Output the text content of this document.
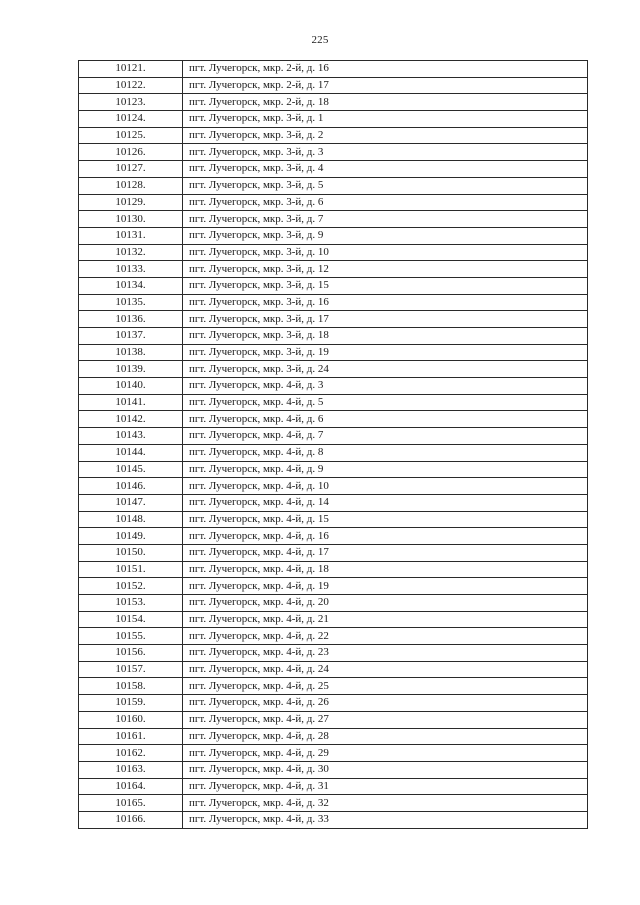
225
10121.	пгт. Лучегорск, мкр. 2-й, д. 16
10122.	пгт. Лучегорск, мкр. 2-й, д. 17
10123.	пгт. Лучегорск, мкр. 2-й, д. 18
10124.	пгт. Лучегорск, мкр. 3-й, д. 1
10125.	пгт. Лучегорск, мкр. 3-й, д. 2
10126.	пгт. Лучегорск, мкр. 3-й, д. 3
10127.	пгт. Лучегорск, мкр. 3-й, д. 4
10128.	пгт. Лучегорск, мкр. 3-й, д. 5
10129.	пгт. Лучегорск, мкр. 3-й, д. 6
10130.	пгт. Лучегорск, мкр. 3-й, д. 7
10131.	пгт. Лучегорск, мкр. 3-й, д. 9
10132.	пгт. Лучегорск, мкр. 3-й, д. 10
10133.	пгт. Лучегорск, мкр. 3-й, д. 12
10134.	пгт. Лучегорск, мкр. 3-й, д. 15
10135.	пгт. Лучегорск, мкр. 3-й, д. 16
10136.	пгт. Лучегорск, мкр. 3-й, д. 17
10137.	пгт. Лучегорск, мкр. 3-й, д. 18
10138.	пгт. Лучегорск, мкр. 3-й, д. 19
10139.	пгт. Лучегорск, мкр. 3-й, д. 24
10140.	пгт. Лучегорск, мкр. 4-й, д. 3
10141.	пгт. Лучегорск, мкр. 4-й, д. 5
10142.	пгт. Лучегорск, мкр. 4-й, д. 6
10143.	пгт. Лучегорск, мкр. 4-й, д. 7
10144.	пгт. Лучегорск, мкр. 4-й, д. 8
10145.	пгт. Лучегорск, мкр. 4-й, д. 9
10146.	пгт. Лучегорск, мкр. 4-й, д. 10
10147.	пгт. Лучегорск, мкр. 4-й, д. 14
10148.	пгт. Лучегорск, мкр. 4-й, д. 15
10149.	пгт. Лучегорск, мкр. 4-й, д. 16
10150.	пгт. Лучегорск, мкр. 4-й, д. 17
10151.	пгт. Лучегорск, мкр. 4-й, д. 18
10152.	пгт. Лучегорск, мкр. 4-й, д. 19
10153.	пгт. Лучегорск, мкр. 4-й, д. 20
10154.	пгт. Лучегорск, мкр. 4-й, д. 21
10155.	пгт. Лучегорск, мкр. 4-й, д. 22
10156.	пгт. Лучегорск, мкр. 4-й, д. 23
10157.	пгт. Лучегорск, мкр. 4-й, д. 24
10158.	пгт. Лучегорск, мкр. 4-й, д. 25
10159.	пгт. Лучегорск, мкр. 4-й, д. 26
10160.	пгт. Лучегорск, мкр. 4-й, д. 27
10161.	пгт. Лучегорск, мкр. 4-й, д. 28
10162.	пгт. Лучегорск, мкр. 4-й, д. 29
10163.	пгт. Лучегорск, мкр. 4-й, д. 30
10164.	пгт. Лучегорск, мкр. 4-й, д. 31
10165.	пгт. Лучегорск, мкр. 4-й, д. 32
10166.	пгт. Лучегорск, мкр. 4-й, д. 33
